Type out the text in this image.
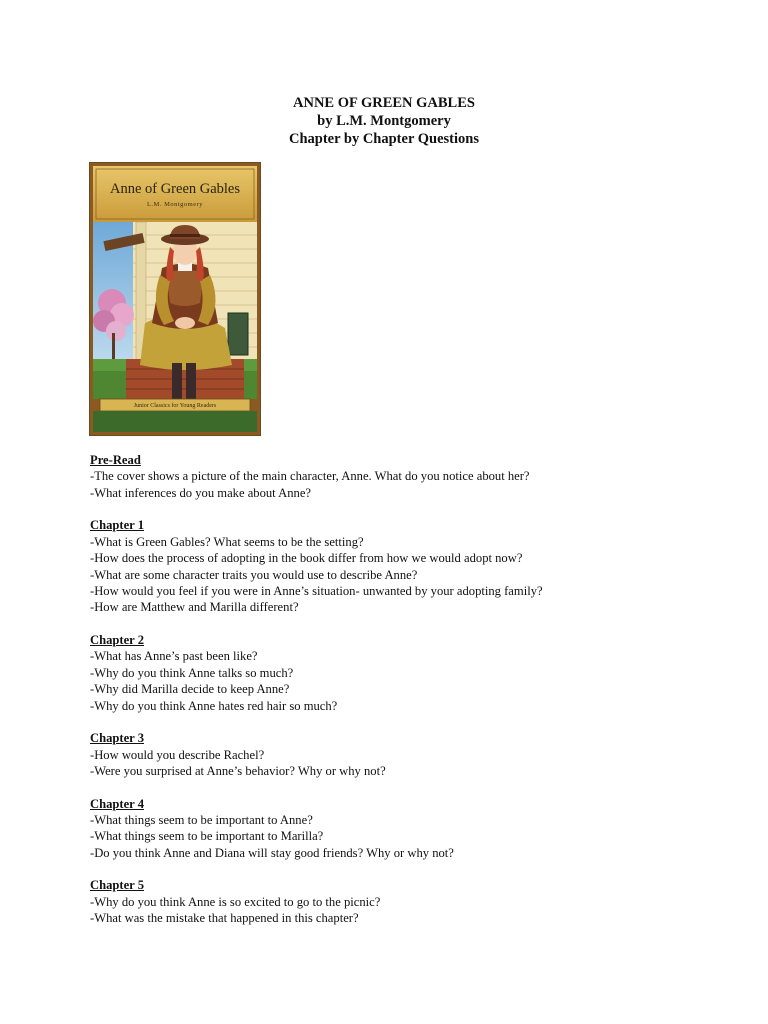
ANNE OF GREEN GABLES
by L.M. Montgomery
Chapter by Chapter Questions
Anne of Green Gables
L.M. Montgomery
Junior Classics for Young Readers
Pre-Read
-The cover shows a picture of the main character, Anne. What do you notice about her?
-What inferences do you make about Anne?
Chapter 1
-What is Green Gables? What seems to be the setting?
-How does the process of adopting in the book differ from how we would adopt now?
-What are some character traits you would use to describe Anne?
-How would you feel if you were in Anne’s situation- unwanted by your adopting family?
-How are Matthew and Marilla different?
Chapter 2
-What has Anne’s past been like?
-Why do you think Anne talks so much?
-Why did Marilla decide to keep Anne?
-Why do you think Anne hates red hair so much?
Chapter 3
-How would you describe Rachel?
-Were you surprised at Anne’s behavior? Why or why not?
Chapter 4
-What things seem to be important to Anne?
-What things seem to be important to Marilla?
-Do you think Anne and Diana will stay good friends? Why or why not?
Chapter 5
-Why do you think Anne is so excited to go to the picnic?
-What was the mistake that happened in this chapter?
